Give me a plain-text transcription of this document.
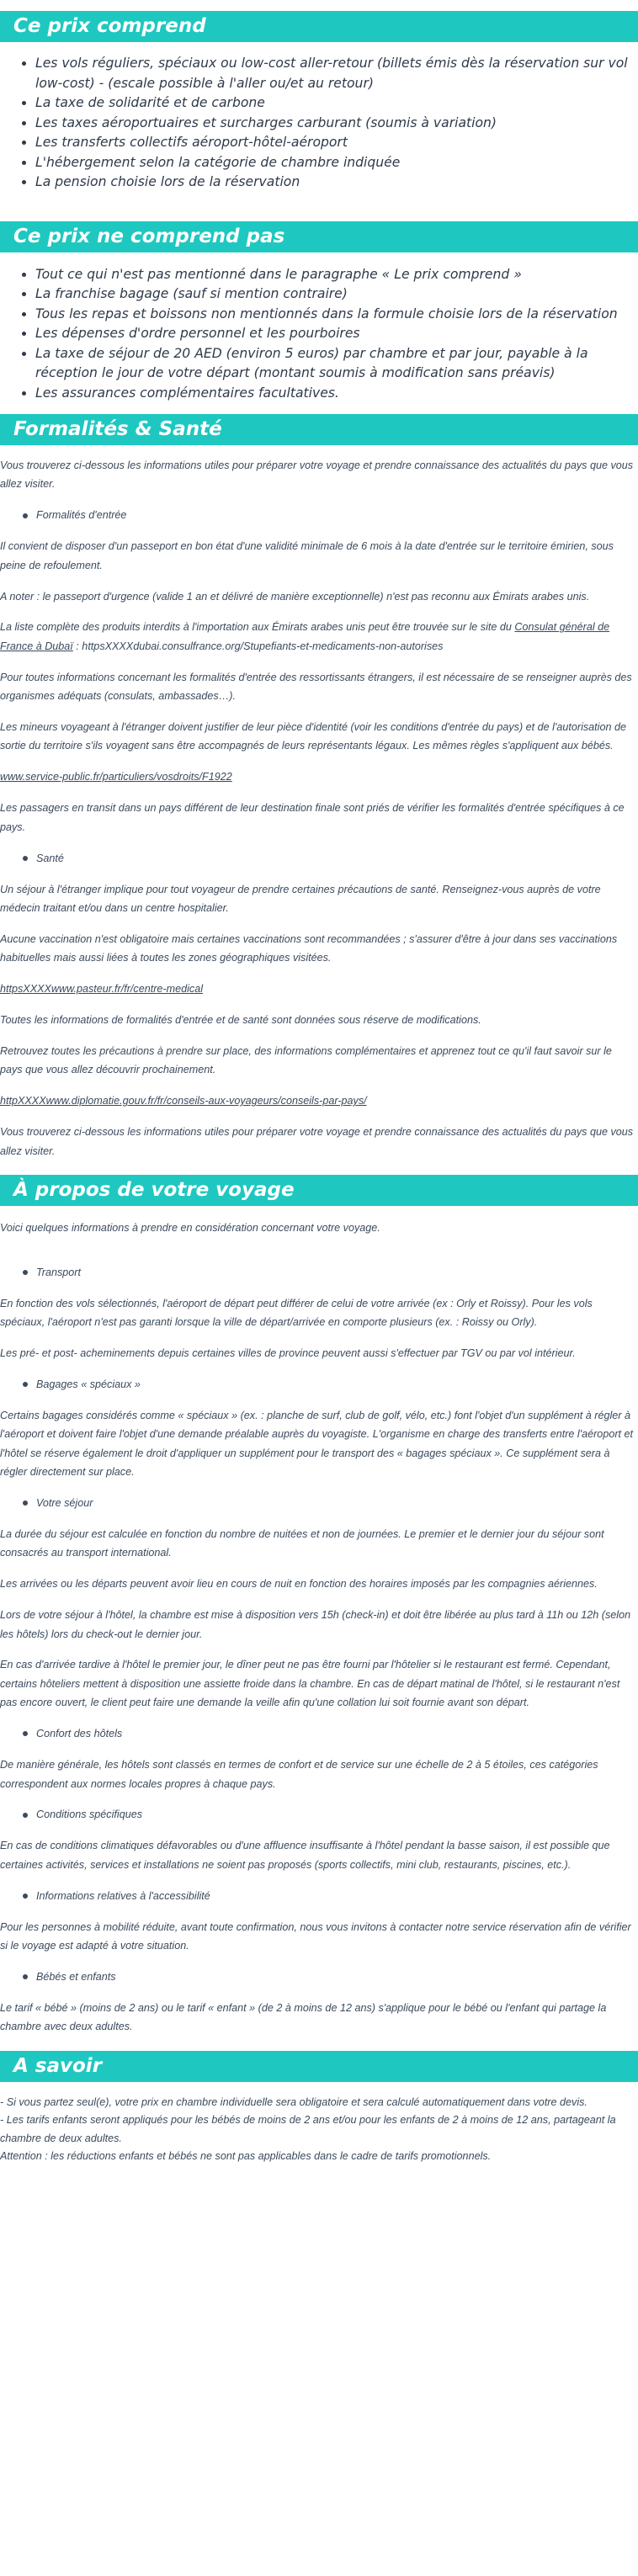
Ce prix comprend
• Les vols réguliers, spéciaux ou low-cost aller-retour (billets émis dès la réservation sur vol low-cost) - (escale possible à l'aller ou/et au retour)
• La taxe de solidarité et de carbone
• Les taxes aéroportuaires et surcharges carburant (soumis à variation)
• Les transferts collectifs aéroport-hôtel-aéroport
• L'hébergement selon la catégorie de chambre indiquée
• La pension choisie lors de la réservation
Ce prix ne comprend pas
• Tout ce qui n'est pas mentionné dans le paragraphe « Le prix comprend »
• La franchise bagage (sauf si mention contraire)
• Tous les repas et boissons non mentionnés dans la formule choisie lors de la réservation
• Les dépenses d'ordre personnel et les pourboires
• La taxe de séjour de 20 AED (environ 5 euros) par chambre et par jour, payable à la réception le jour de votre départ (montant soumis à modification sans préavis)
• Les assurances complémentaires facultatives.
Formalités & Santé

Vous trouverez ci-dessous les informations utiles pour préparer votre voyage et prendre connaissance des actualités du pays que vous allez visiter.

Formalités d'entrée

Il convient de disposer d'un passeport en bon état d'une validité minimale de 6 mois à la date d'entrée sur le territoire émirien, sous peine de refoulement.

A noter : le passeport d'urgence (valide 1 an et délivré de manière exceptionnelle) n'est pas reconnu aux Émirats arabes unis.

La liste complète des produits interdits à l'importation aux Émirats arabes unis peut être trouvée sur le site du Consulat général de France à Dubaï : httpsXXXXdubai.consulfrance.org/Stupefiants-et-medicaments-non-autorises

Pour toutes informations concernant les formalités d'entrée des ressortissants étrangers, il est nécessaire de se renseigner auprès des organismes adéquats (consulats, ambassades…).

Les mineurs voyageant à l'étranger doivent justifier de leur pièce d'identité (voir les conditions d'entrée du pays) et de l'autorisation de sortie du territoire s'ils voyagent sans être accompagnés de leurs représentants légaux. Les mêmes règles s'appliquent aux bébés.

www.service-public.fr/particuliers/vosdroits/F1922

Les passagers en transit dans un pays différent de leur destination finale sont priés de vérifier les formalités d'entrée spécifiques à ce pays.

Santé

Un séjour à l'étranger implique pour tout voyageur de prendre certaines précautions de santé. Renseignez-vous auprès de votre médecin traitant et/ou dans un centre hospitalier.

Aucune vaccination n'est obligatoire mais certaines vaccinations sont recommandées ; s'assurer d'être à jour dans ses vaccinations habituelles mais aussi liées à toutes les zones géographiques visitées.

httpsXXXXwww.pasteur.fr/fr/centre-medical

Toutes les informations de formalités d'entrée et de santé sont données sous réserve de modifications.

Retrouvez toutes les précautions à prendre sur place, des informations complémentaires et apprenez tout ce qu'il faut savoir sur le pays que vous allez découvrir prochainement.

httpXXXXwww.diplomatie.gouv.fr/fr/conseils-aux-voyageurs/conseils-par-pays/

Vous trouverez ci-dessous les informations utiles pour préparer votre voyage et prendre connaissance des actualités du pays que vous allez visiter.

À propos de votre voyage

Voici quelques informations à prendre en considération concernant votre voyage.

Transport

En fonction des vols sélectionnés, l'aéroport de départ peut différer de celui de votre arrivée (ex : Orly et Roissy). Pour les vols spéciaux, l'aéroport n'est pas garanti lorsque la ville de départ/arrivée en comporte plusieurs (ex. : Roissy ou Orly).

Les pré- et post- acheminements depuis certaines villes de province peuvent aussi s'effectuer par TGV ou par vol intérieur.

Bagages « spéciaux »

Certains bagages considérés comme « spéciaux » (ex. : planche de surf, club de golf, vélo, etc.) font l'objet d'un supplément à régler à l'aéroport et doivent faire l'objet d'une demande préalable auprès du voyagiste. L'organisme en charge des transferts entre l'aéroport et l'hôtel se réserve également le droit d'appliquer un supplément pour le transport des « bagages spéciaux ». Ce supplément sera à régler directement sur place.

Votre séjour

La durée du séjour est calculée en fonction du nombre de nuitées et non de journées. Le premier et le dernier jour du séjour sont consacrés au transport international.

Les arrivées ou les départs peuvent avoir lieu en cours de nuit en fonction des horaires imposés par les compagnies aériennes.

Lors de votre séjour à l'hôtel, la chambre est mise à disposition vers 15h (check-in) et doit être libérée au plus tard à 11h ou 12h (selon les hôtels) lors du check-out le dernier jour.

En cas d'arrivée tardive à l'hôtel le premier jour, le dîner peut ne pas être fourni par l'hôtelier si le restaurant est fermé. Cependant, certains hôteliers mettent à disposition une assiette froide dans la chambre. En cas de départ matinal de l'hôtel, si le restaurant n'est pas encore ouvert, le client peut faire une demande la veille afin qu'une collation lui soit fournie avant son départ.

Confort des hôtels

De manière générale, les hôtels sont classés en termes de confort et de service sur une échelle de 2 à 5 étoiles, ces catégories correspondent aux normes locales propres à chaque pays.

Conditions spécifiques

En cas de conditions climatiques défavorables ou d'une affluence insuffisante à l'hôtel pendant la basse saison, il est possible que certaines activités, services et installations ne soient pas proposés (sports collectifs, mini club, restaurants, piscines, etc.).

Informations relatives à l'accessibilité

Pour les personnes à mobilité réduite, avant toute confirmation, nous vous invitons à contacter notre service réservation afin de vérifier si le voyage est adapté à votre situation.

Bébés et enfants

Le tarif « bébé » (moins de 2 ans) ou le tarif « enfant » (de 2 à moins de 12 ans) s'applique pour le bébé ou l'enfant qui partage la chambre avec deux adultes.

A savoir

- Si vous partez seul(e), votre prix en chambre individuelle sera obligatoire et sera calculé automatiquement dans votre devis.

- Les tarifs enfants seront appliqués pour les bébés de moins de 2 ans et/ou pour les enfants de 2 à moins de 12 ans, partageant la chambre de deux adultes.

Attention : les réductions enfants et bébés ne sont pas applicables dans le cadre de tarifs promotionnels.
